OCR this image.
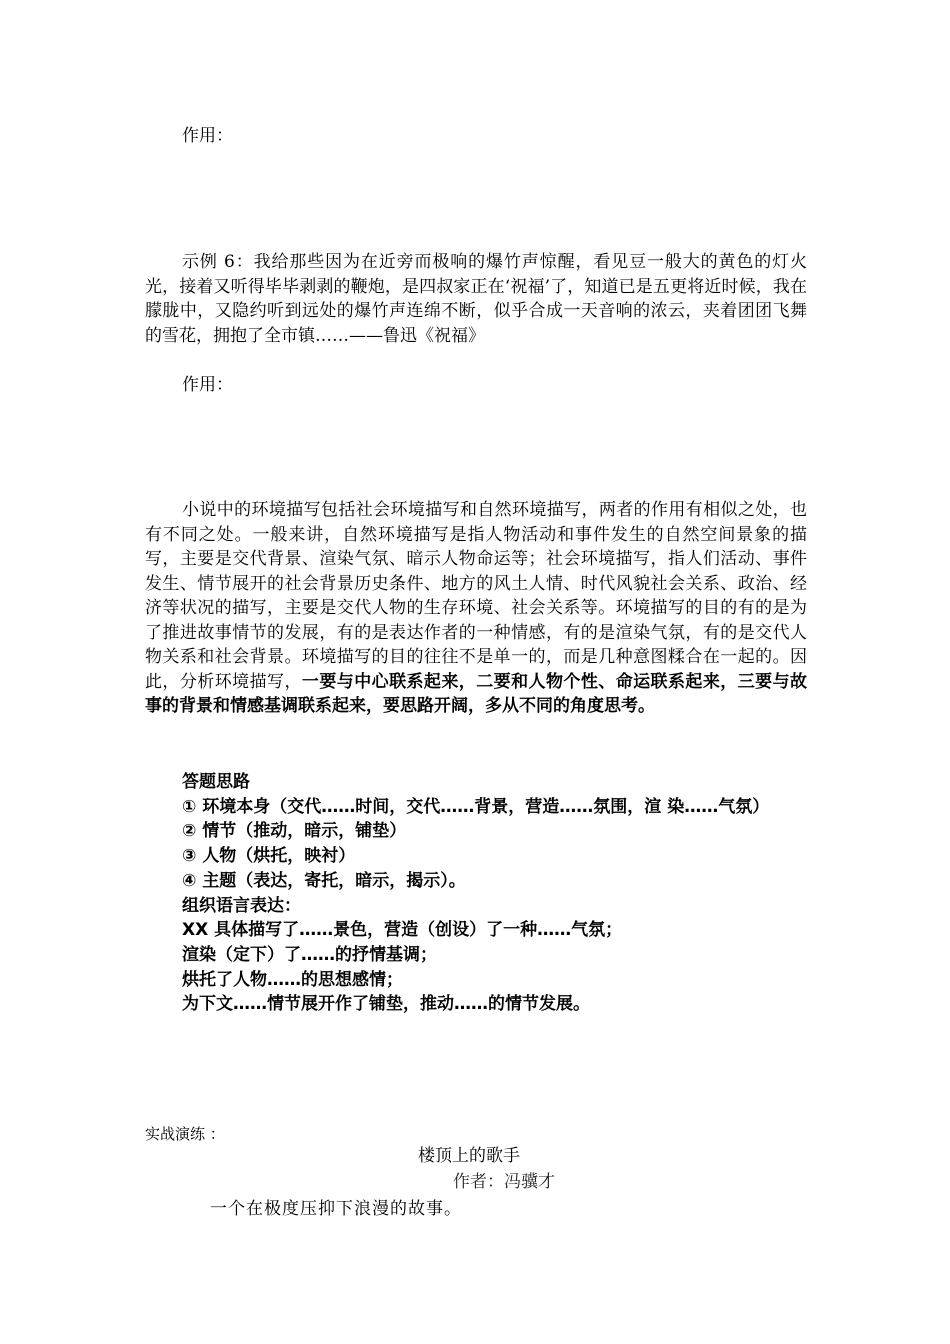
作用：

示例 6：我给那些因为在近旁而极响的爆竹声惊醒，看见豆一般大的黄色的灯火光，接着又听得毕毕剥剥的鞭炮，是四叔家正在‘祝福’了，知道已是五更将近时候，我在朦胧中，又隐约听到远处的爆竹声连绵不断，似乎合成一天音响的浓云，夹着团团飞舞的雪花，拥抱了全市镇……——鲁迅《祝福》

作用：

小说中的环境描写包括社会环境描写和自然环境描写，两者的作用有相似之处，也有不同之处。一般来讲，自然环境描写是指人物活动和事件发生的自然空间景象的描写，主要是交代背景、渲染气氛、暗示人物命运等；社会环境描写，指人们活动、事件发生、情节展开的社会背景历史条件、地方的风土人情、时代风貌社会关系、政治、经济等状况的描写，主要是交代人物的生存环境、社会关系等。环境描写的目的有的是为了推进故事情节的发展，有的是表达作者的一种情感，有的是渲染气氛，有的是交代人物关系和社会背景。环境描写的目的往往不是单一的，而是几种意图糅合在一起的。因此，分析环境描写，一要与中心联系起来，二要和人物个性、命运联系起来，三要与故事的背景和情感基调联系起来，要思路开阔，多从不同的角度思考。

答题思路
① 环境本身（交代……时间，交代……背景，营造……氛围，渲 染……气氛）
② 情节（推动，暗示，铺垫）
③ 人物（烘托，映衬）
④ 主题（表达，寄托，暗示，揭示）。
组织语言表达：
XX 具体描写了……景色，营造（创设）了一种……气氛；
渲染（定下）了……的抒情基调；
烘托了人物……的思想感情；
为下文……情节展开作了铺垫，推动……的情节发展。

实战演练 ：

楼顶上的歌手

作者：冯骥才

一个在极度压抑下浪漫的故事。
